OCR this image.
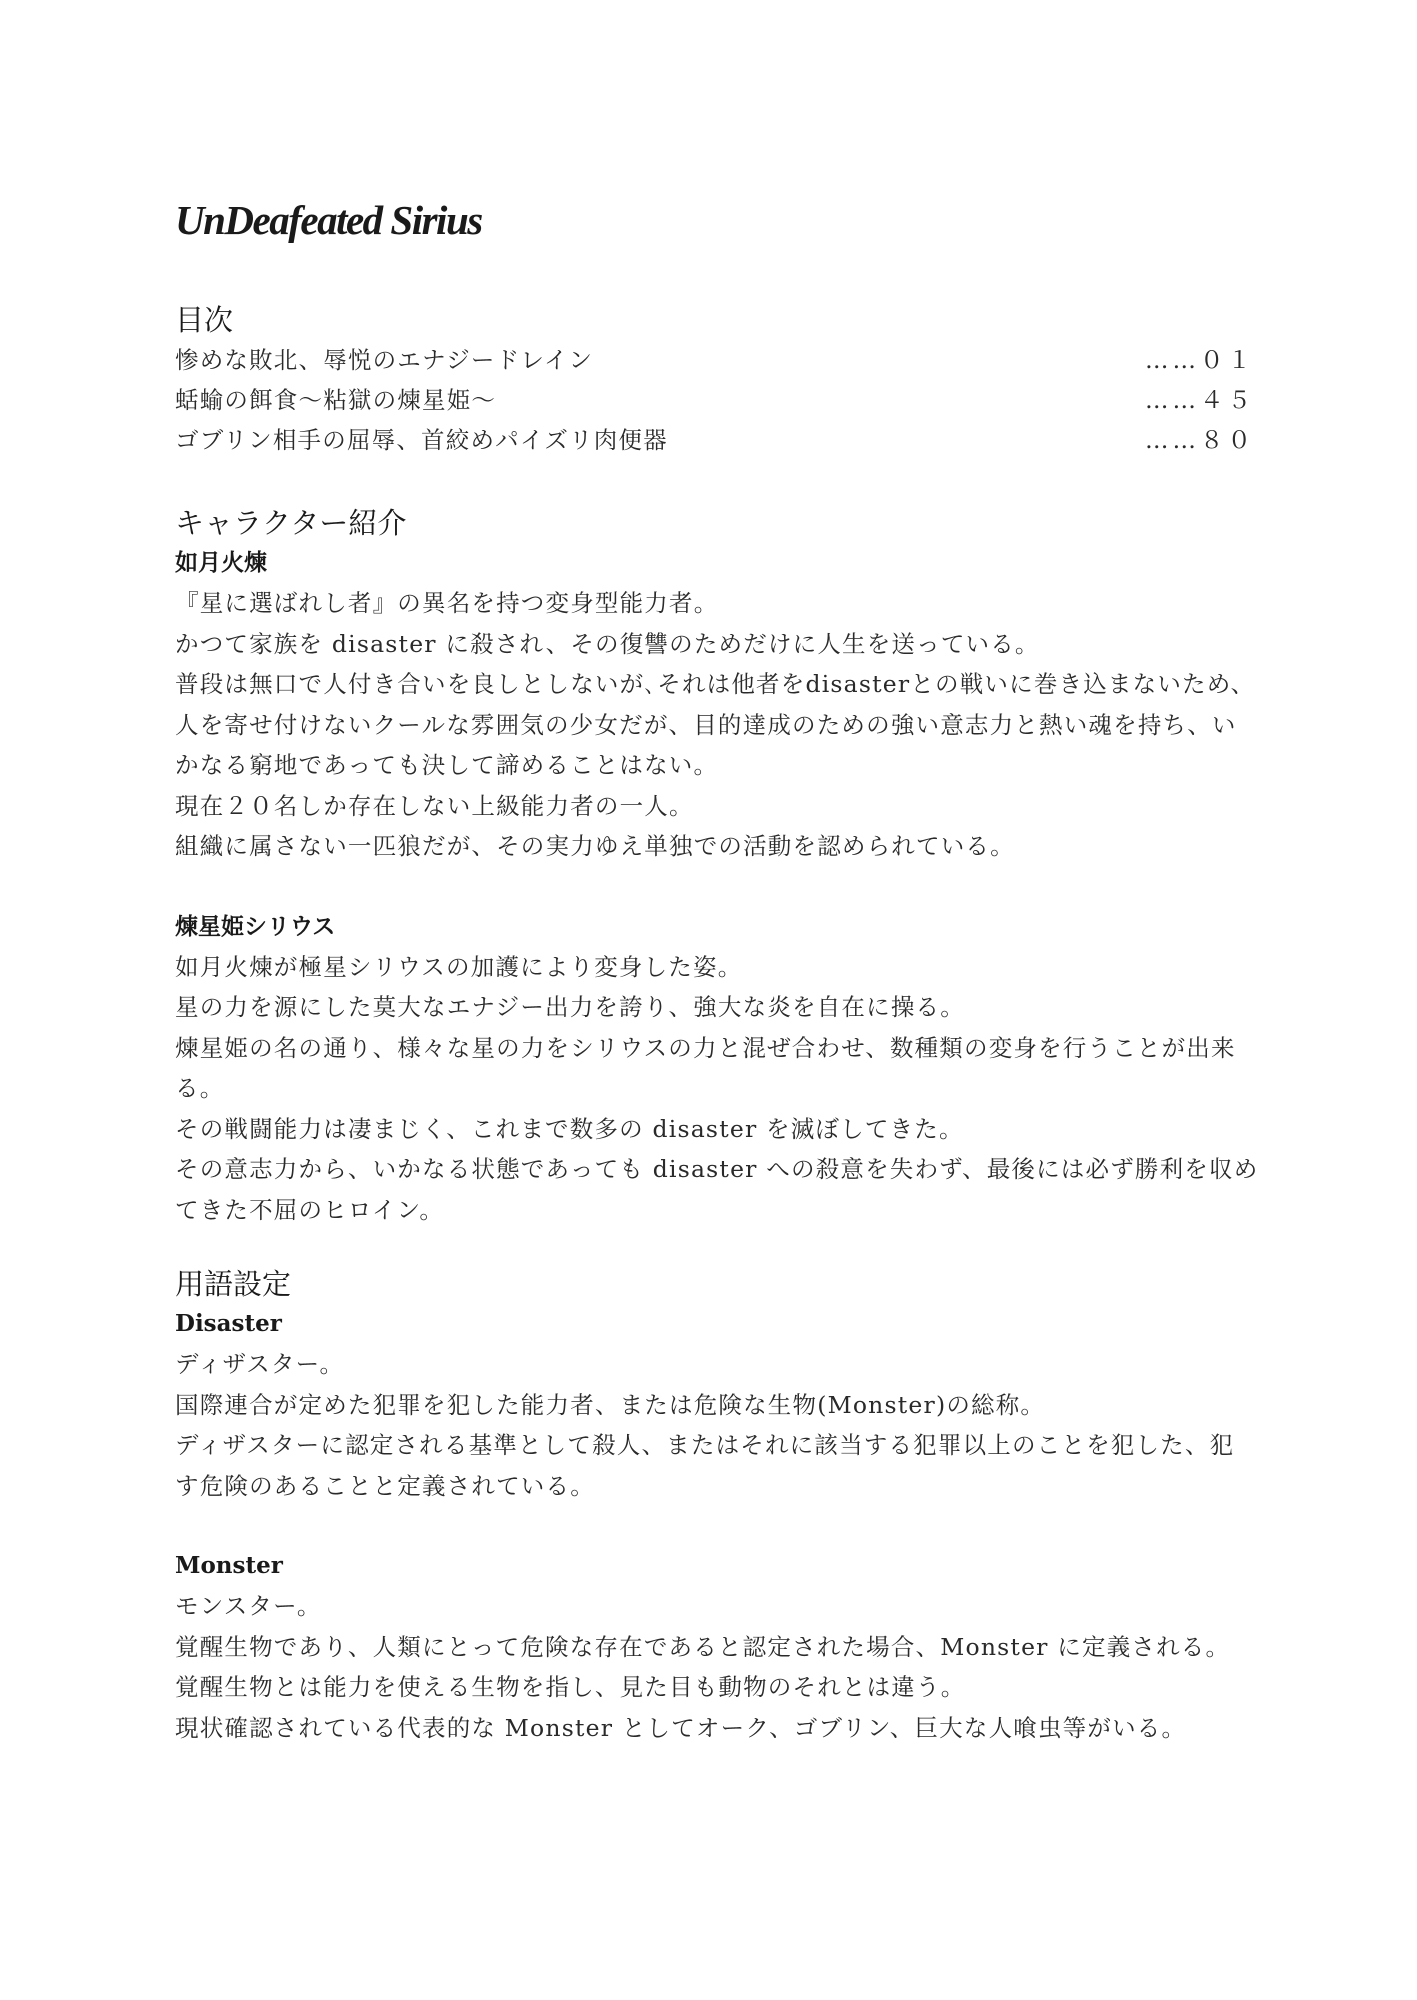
UnDeafeated Sirius
目次
惨めな敗北、辱悦のエナジードレイン	……０１
蛞蝓の餌食〜粘獄の煉星姫〜	……４５
ゴブリン相手の屈辱、首絞めパイズリ肉便器	……８０
キャラクター紹介
如月火煉
『星に選ばれし者』の異名を持つ変身型能力者。
かつて家族を disaster に殺され、その復讐のためだけに人生を送っている。
普段は無口で人付き合いを良しとしないが､それは他者をdisasterとの戦いに巻き込まないため、
人を寄せ付けないクールな雰囲気の少女だが、目的達成のための強い意志力と熱い魂を持ち、い
かなる窮地であっても決して諦めることはない。
現在２０名しか存在しない上級能力者の一人。
組織に属さない一匹狼だが、その実力ゆえ単独での活動を認められている。
煉星姫シリウス
如月火煉が極星シリウスの加護により変身した姿。
星の力を源にした莫大なエナジー出力を誇り、強大な炎を自在に操る。
煉星姫の名の通り、様々な星の力をシリウスの力と混ぜ合わせ、数種類の変身を行うことが出来
る。
その戦闘能力は凄まじく、これまで数多の disaster を滅ぼしてきた。
その意志力から、いかなる状態であっても disaster への殺意を失わず、最後には必ず勝利を収め
てきた不屈のヒロイン。
用語設定
Disaster
ディザスター。
国際連合が定めた犯罪を犯した能力者、または危険な生物(Monster)の総称。
ディザスターに認定される基準として殺人、またはそれに該当する犯罪以上のことを犯した、犯
す危険のあることと定義されている。
Monster
モンスター。
覚醒生物であり、人類にとって危険な存在であると認定された場合、Monster に定義される。
覚醒生物とは能力を使える生物を指し、見た目も動物のそれとは違う。
現状確認されている代表的な Monster としてオーク、ゴブリン、巨大な人喰虫等がいる。
